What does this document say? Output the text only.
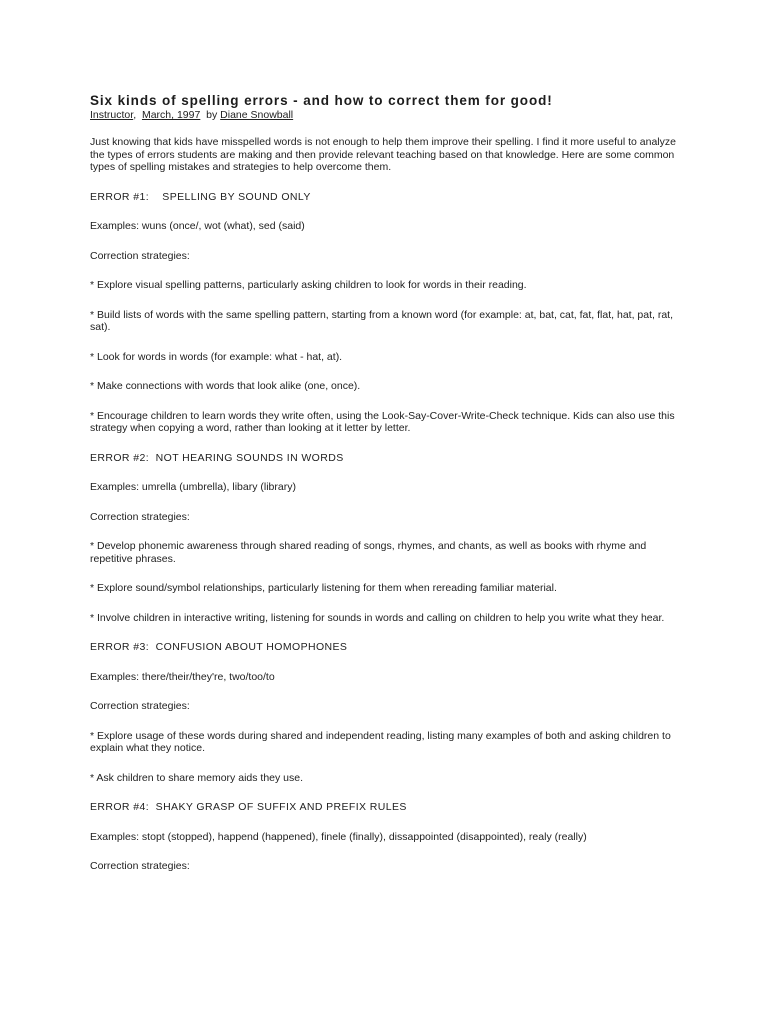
Six kinds of spelling errors - and how to correct them for good!
Instructor,  March, 1997  by Diane Snowball

Just knowing that kids have misspelled words is not enough to help them improve their spelling. I find it more useful to analyze the types of errors students are making and then provide relevant teaching based on that knowledge. Here are some common types of spelling mistakes and strategies to help overcome them.

ERROR #1:    SPELLING BY SOUND ONLY

Examples: wuns (once/, wot (what), sed (said)

Correction strategies:

* Explore visual spelling patterns, particularly asking children to look for words in their reading.

* Build lists of words with the same spelling pattern, starting from a known word (for example: at, bat, cat, fat, flat, hat, pat, rat, sat).

* Look for words in words (for example: what - hat, at).

* Make connections with words that look alike (one, once).

* Encourage children to learn words they write often, using the Look-Say-Cover-Write-Check technique. Kids can also use this strategy when copying a word, rather than looking at it letter by letter.

ERROR #2:  NOT HEARING SOUNDS IN WORDS

Examples: umrella (umbrella), libary (library)

Correction strategies:

* Develop phonemic awareness through shared reading of songs, rhymes, and chants, as well as books with rhyme and repetitive phrases.

* Explore sound/symbol relationships, particularly listening for them when rereading familiar material.

* Involve children in interactive writing, listening for sounds in words and calling on children to help you write what they hear.

ERROR #3:  CONFUSION ABOUT HOMOPHONES

Examples: there/their/they're, two/too/to

Correction strategies:

* Explore usage of these words during shared and independent reading, listing many examples of both and asking children to explain what they notice.

* Ask children to share memory aids they use.

ERROR #4:  SHAKY GRASP OF SUFFIX AND PREFIX RULES

Examples: stopt (stopped), happend (happened), finele (finally), dissappointed (disappointed), realy (really)

Correction strategies:
